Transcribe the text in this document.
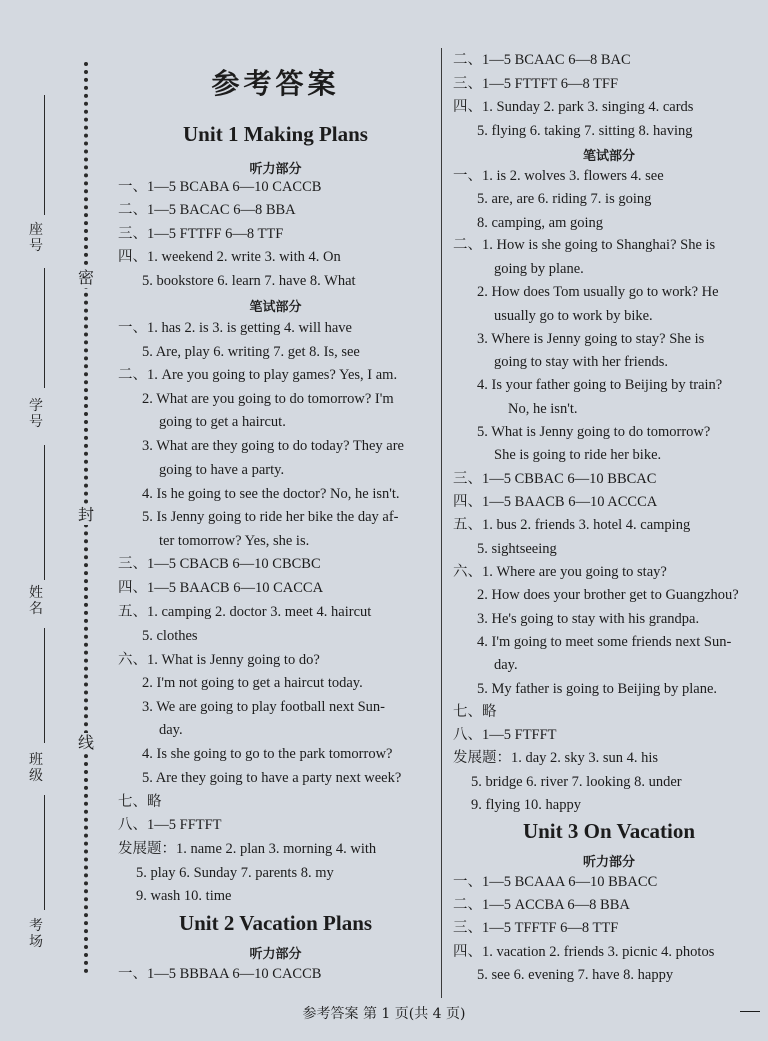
密
封
线
座号
学号
姓名
班级
考场
参考答案
Unit 1 Making Plans
听力部分
一、1—5 BCABA 6—10 CACCB
二、1—5 BACAC 6—8 BBA
三、1—5 FTTFF 6—8 TTF
四、1. weekend 2. write 3. with 4. On
5. bookstore 6. learn 7. have 8. What
笔试部分
一、1. has 2. is 3. is getting 4. will have
5. Are, play 6. writing 7. get 8. Is, see
二、1. Are you going to play games? Yes, I am.
2. What are you going to do tomorrow? I'm
going to get a haircut.
3. What are they going to do today? They are
going to have a party.
4. Is he going to see the doctor? No, he isn't.
5. Is Jenny going to ride her bike the day af-
ter tomorrow? Yes, she is.
三、1—5 CBACB 6—10 CBCBC
四、1—5 BAACB 6—10 CACCA
五、1. camping 2. doctor 3. meet 4. haircut
5. clothes
六、1. What is Jenny going to do?
2. I'm not going to get a haircut today.
3. We are going to play football next Sun-
day.
4. Is she going to go to the park tomorrow?
5. Are they going to have a party next week?
七、略
八、1—5 FFTFT
发展题：1. name 2. plan 3. morning 4. with
5. play 6. Sunday 7. parents 8. my
9. wash 10. time
Unit 2 Vacation Plans
听力部分
一、1—5 BBBAA 6—10 CACCB
二、1—5 BCAAC 6—8 BAC
三、1—5 FTTFT 6—8 TFF
四、1. Sunday 2. park 3. singing 4. cards
5. flying 6. taking 7. sitting 8. having
笔试部分
一、1. is 2. wolves 3. flowers 4. see
5. are, are 6. riding 7. is going
8. camping, am going
二、1. How is she going to Shanghai? She is
going by plane.
2. How does Tom usually go to work? He
usually go to work by bike.
3. Where is Jenny going to stay? She is
going to stay with her friends.
4. Is your father going to Beijing by train?
No, he isn't.
5. What is Jenny going to do tomorrow?
She is going to ride her bike.
三、1—5 CBBAC 6—10 BBCAC
四、1—5 BAACB 6—10 ACCCA
五、1. bus 2. friends 3. hotel 4. camping
5. sightseeing
六、1. Where are you going to stay?
2. How does your brother get to Guangzhou?
3. He's going to stay with his grandpa.
4. I'm going to meet some friends next Sun-
day.
5. My father is going to Beijing by plane.
七、略
八、1—5 FTFFT
发展题：1. day 2. sky 3. sun 4. his
5. bridge 6. river 7. looking 8. under
9. flying 10. happy
Unit 3 On Vacation
听力部分
一、1—5 BCAAA 6—10 BBACC
二、1—5 ACCBA 6—8 BBA
三、1—5 TFFTF 6—8 TTF
四、1. vacation 2. friends 3. picnic 4. photos
5. see 6. evening 7. have 8. happy
参考答案 第 1 页(共 4 页)
